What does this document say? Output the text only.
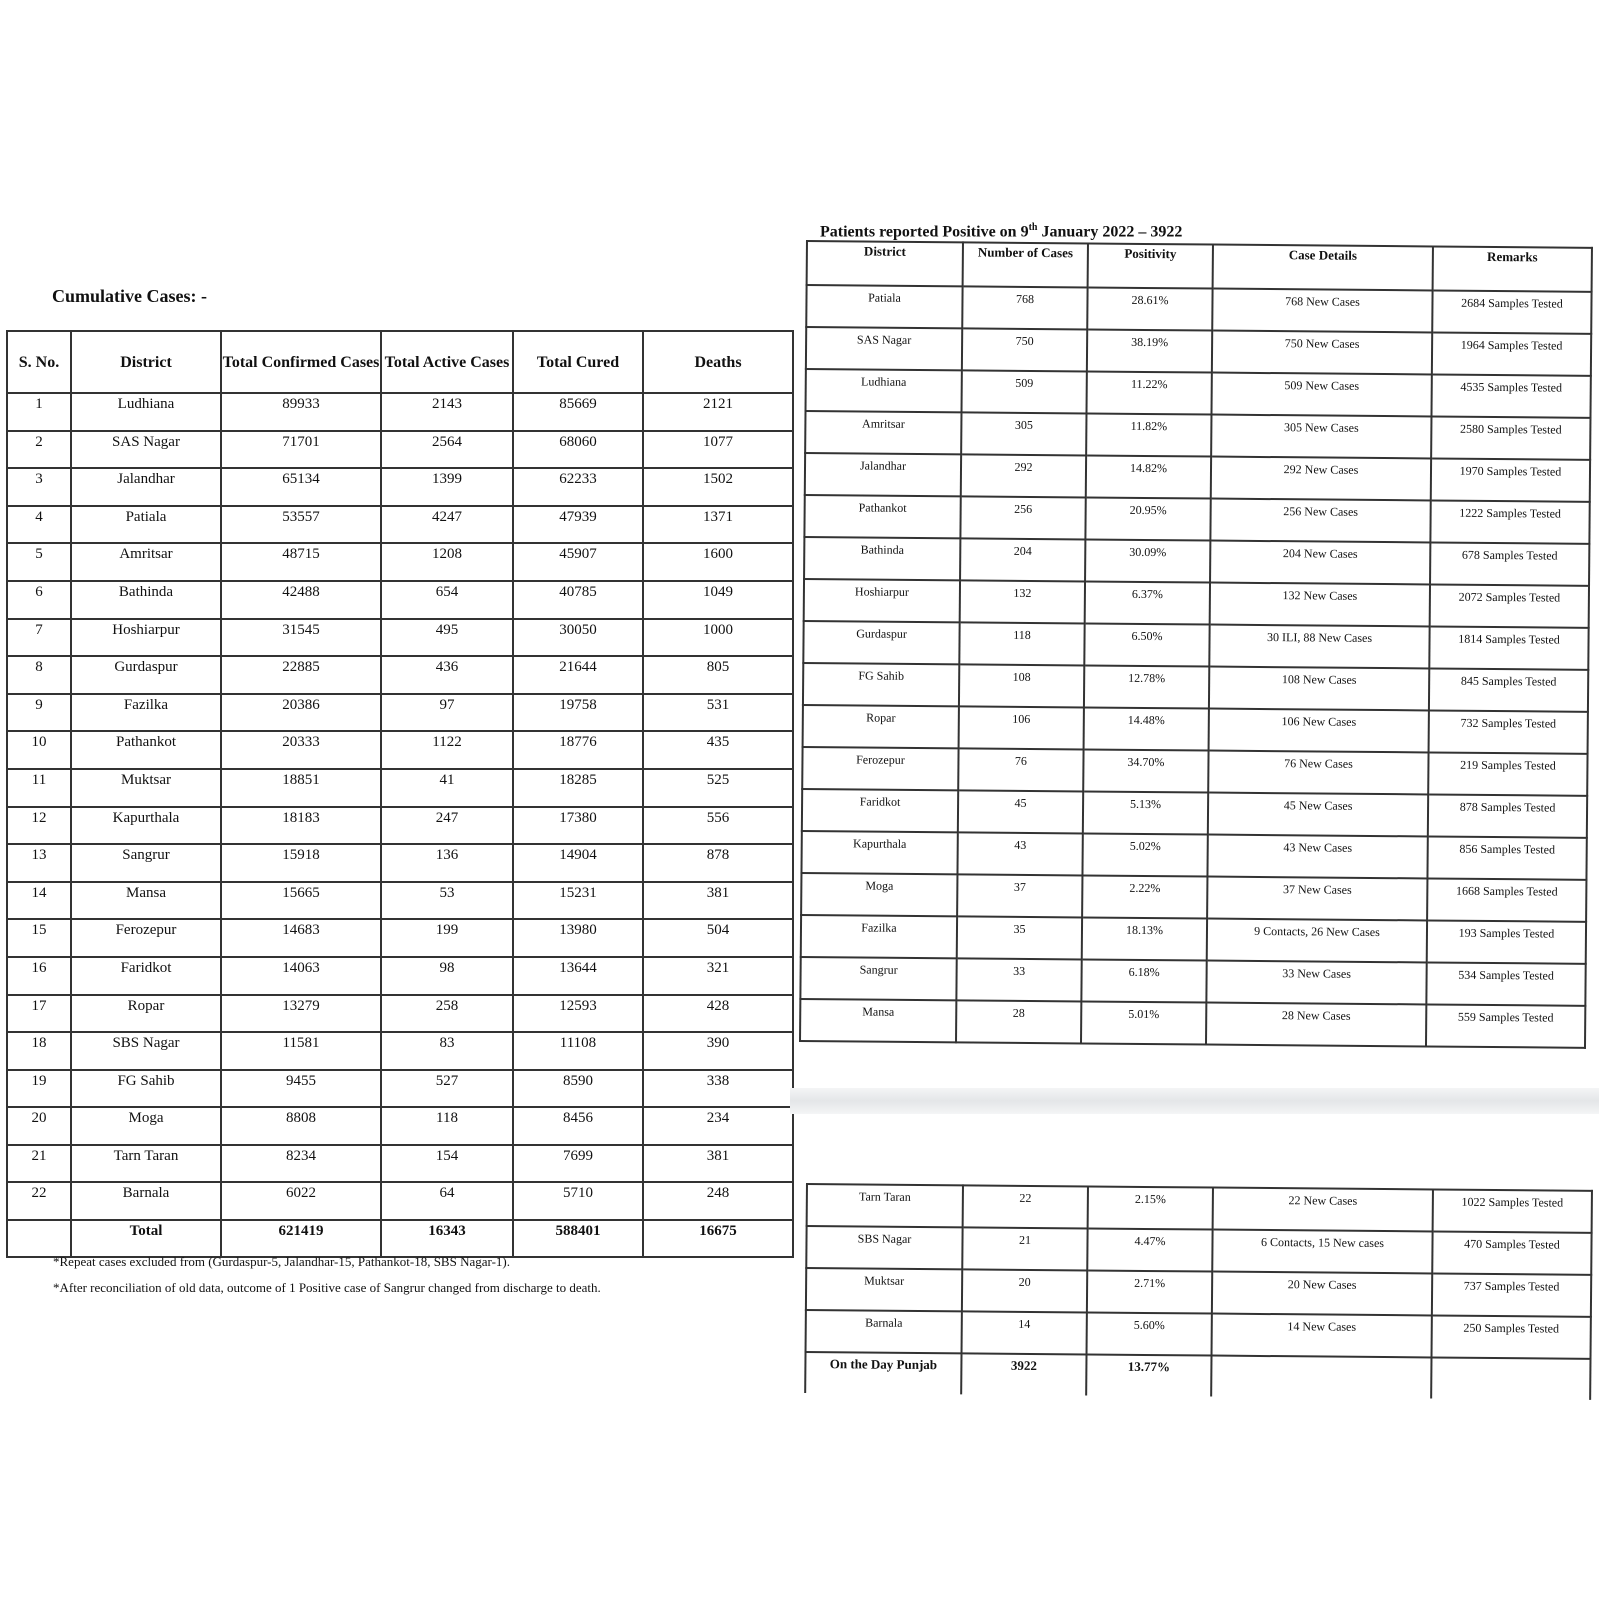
Cumulative Cases: -
S. No.	District	Total Confirmed Cases	Total Active Cases	Total Cured	Deaths
1	Ludhiana	89933	2143	85669	2121
2	SAS Nagar	71701	2564	68060	1077
3	Jalandhar	65134	1399	62233	1502
4	Patiala	53557	4247	47939	1371
5	Amritsar	48715	1208	45907	1600
6	Bathinda	42488	654	40785	1049
7	Hoshiarpur	31545	495	30050	1000
8	Gurdaspur	22885	436	21644	805
9	Fazilka	20386	97	19758	531
10	Pathankot	20333	1122	18776	435
11	Muktsar	18851	41	18285	525
12	Kapurthala	18183	247	17380	556
13	Sangrur	15918	136	14904	878
14	Mansa	15665	53	15231	381
15	Ferozepur	14683	199	13980	504
16	Faridkot	14063	98	13644	321
17	Ropar	13279	258	12593	428
18	SBS Nagar	11581	83	11108	390
19	FG Sahib	9455	527	8590	338
20	Moga	8808	118	8456	234
21	Tarn Taran	8234	154	7699	381
22	Barnala	6022	64	5710	248
	Total	621419	16343	588401	16675
*Repeat cases excluded from (Gurdaspur-5, Jalandhar-15, Pathankot-18, SBS Nagar-1).
*After reconciliation of old data, outcome of 1 Positive case of Sangrur changed from discharge to death.
Patients reported Positive on 9th January 2022 – 3922
District	Number of Cases	Positivity	Case Details	Remarks
Patiala	768	28.61%	768 New Cases	2684 Samples Tested
SAS Nagar	750	38.19%	750 New Cases	1964 Samples Tested
Ludhiana	509	11.22%	509 New Cases	4535 Samples Tested
Amritsar	305	11.82%	305 New Cases	2580 Samples Tested
Jalandhar	292	14.82%	292 New Cases	1970 Samples Tested
Pathankot	256	20.95%	256 New Cases	1222 Samples Tested
Bathinda	204	30.09%	204 New Cases	678 Samples Tested
Hoshiarpur	132	6.37%	132 New Cases	2072 Samples Tested
Gurdaspur	118	6.50%	30 ILI, 88 New Cases	1814 Samples Tested
FG Sahib	108	12.78%	108 New Cases	845 Samples Tested
Ropar	106	14.48%	106 New Cases	732 Samples Tested
Ferozepur	76	34.70%	76 New Cases	219 Samples Tested
Faridkot	45	5.13%	45 New Cases	878 Samples Tested
Kapurthala	43	5.02%	43 New Cases	856 Samples Tested
Moga	37	2.22%	37 New Cases	1668 Samples Tested
Fazilka	35	18.13%	9 Contacts, 26 New Cases	193 Samples Tested
Sangrur	33	6.18%	33 New Cases	534 Samples Tested
Mansa	28	5.01%	28 New Cases	559 Samples Tested
Tarn Taran	22	2.15%	22 New Cases	1022 Samples Tested
SBS Nagar	21	4.47%	6 Contacts, 15 New cases	470 Samples Tested
Muktsar	20	2.71%	20 New Cases	737 Samples Tested
Barnala	14	5.60%	14 New Cases	250 Samples Tested
On the Day Punjab	3922	13.77%		
